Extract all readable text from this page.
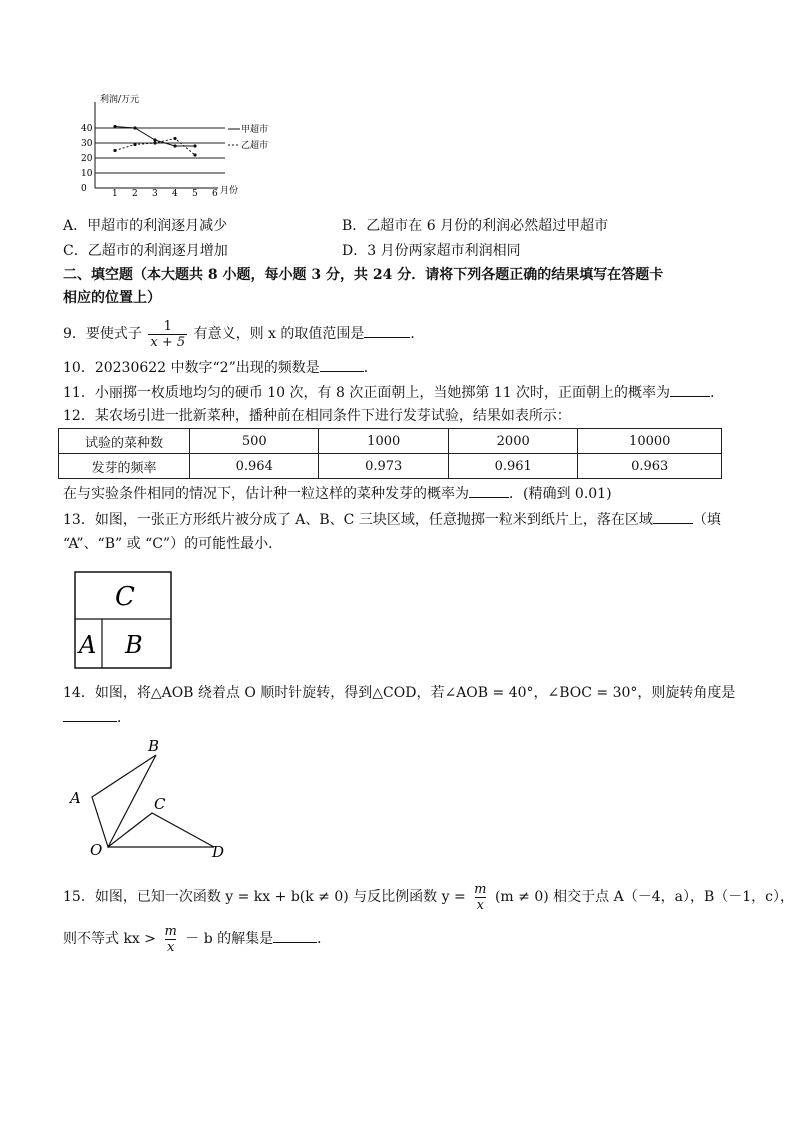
利润/万元
40
30
20
10
0	1 2 3 4 5 6 月份
甲超市
乙超市
A．甲超市的利润逐月减少	B．乙超市在 6 月份的利润必然超过甲超市
C．乙超市的利润逐月增加	D．3 月份两家超市利润相同
二、填空题（本大题共 8 小题，每小题 3 分，共 24 分．请将下列各题正确的结果填写在答题卡
相应的位置上）
9．要使式子 $\frac{1}{x + 5}$ 有意义，则 x 的取值范围是	．
10．20230622 中数字“2”出现的频数是	．
11．小丽掷一枚质地均匀的硬币 10 次，有 8 次正面朝上，当她掷第 11 次时，正面朝上的概率为	．
12．某农场引进一批新菜种，播种前在相同条件下进行发芽试验，结果如表所示：
试验的菜种数	500	1000	2000	10000
发芽的频率	0.964	0.973	0.961	0.963
在与实验条件相同的情况下，估计种一粒这样的菜种发芽的概率为	．(精确到 0.01)
13．如图，一张正方形纸片被分成了 A、B、C 三块区域，任意抛掷一粒米到纸片上，落在区域	（填
“A”、“B” 或 “C”）的可能性最小．
C
A B
14．如图，将△AOB 绕着点 O 顺时针旋转，得到△COD，若∠AOB = 40°，∠BOC = 30°，则旋转角度是
．
B
A	C
O	D
15．如图，已知一次函数 y = kx + b(k ≠ 0) 与反比例函数 $y = \frac{m}{x} (m \ne 0)$ 相交于点 A（－4，a），B（－1，c），
则不等式 kx > $\frac{m}{x} - b$ 的解集是	．
